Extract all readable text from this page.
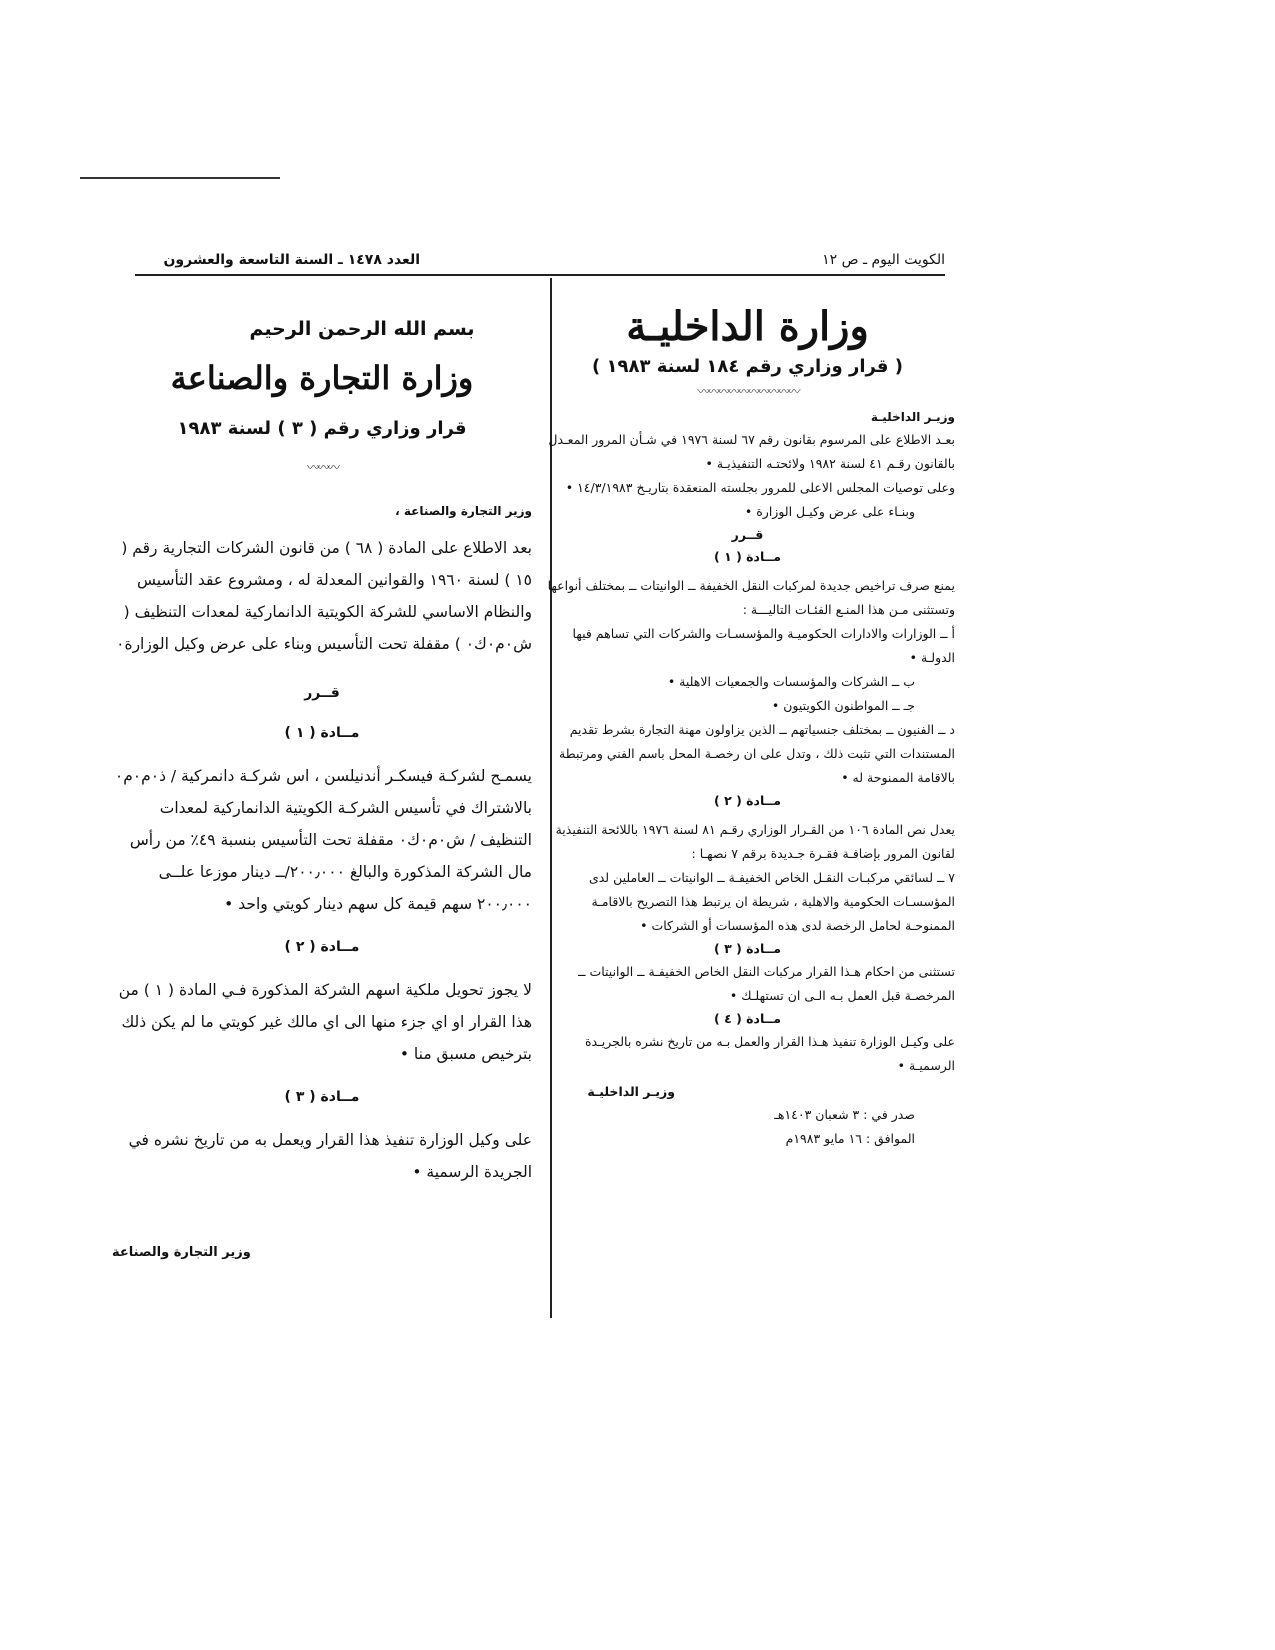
العدد ١٤٧٨ ـ السنة التاسعة والعشرون	الكويت اليوم ـ ص ١٢
وزارة الداخليـة
( قرار وزاري رقم ١٨٤ لسنة ١٩٨٣ )
〰〰〰〰〰〰〰〰〰〰
وزيـر الداخليـة
بعـد الاطلاع على المرسوم بقانون رقم ٦٧ لسنة ١٩٧٦ في شـأن المرور المعـدل بالقانون رقـم ٤١ لسنة ١٩٨٢ ولائحتـه التنفيذيـة •
وعلى توصيات المجلس الاعلى للمرور بجلسته المنعقدة بتاريـخ ١٤/٣/١٩٨٣ •
وبنـاء على عرض وكيـل الوزارة •
قــرر
مــادة ( ١ )
يمنع صرف تراخيص جديدة لمركبات النقل الخفيفة ــ الوانيتات ــ بمختلف أنواعها وتستثنى مـن هذا المنـع الفئـات التاليـــة :
أ ــ الوزارات والادارات الحكوميـة والمؤسسـات والشركات التي تساهم فيها الدولـة •
ب ــ الشركات والمؤسسات والجمعيات الاهلية •
جـ ــ المواطنون الكويتيون •
د ــ الفنيون ــ بمختلف جنسياتهم ــ الذين يزاولون مهنة التجارة بشرط تقديم المستندات التي تثبت ذلك ، وتدل على ان رخصـة المحل باسم الفني ومرتبطة بالاقامة الممنوحة له •
مــادة ( ٢ )
يعدل نص المادة ١٠٦ من القـرار الوزاري رقـم ٨١ لسنة ١٩٧٦ باللائحة التنفيذية لقانون المرور بإضافـة فقـرة جـديدة برقم ٧ نصهـا :
٧ ــ لسائقي مركبـات النقـل الخاص الخفيفـة ــ الوانيتات ــ العاملين لدى المؤسسـات الحكومية والاهلية ، شريطة ان يرتبط هذا التصريح بالاقامـة الممنوحـة لحامل الرخصة لدى هذه المؤسسات أو الشركات •
مــادة ( ٣ )
تستثنى من احكام هـذا القرار مركبات النقل الخاص الخفيفـة ــ الوانيتات ــ المرخصـة قبل العمل بـه الـى ان تستهلـك •
مــادة ( ٤ )
على وكيـل الوزارة تنفيذ هـذا القرار والعمل بـه من تاريخ نشره بالجريـدة الرسميـة •
وزيـر الداخليـة
صدر في : ٣ شعبان ١٤٠٣هـ
الموافق : ١٦ مايو ١٩٨٣م
بسم الله الرحمن الرحيم
وزارة التجارة والصناعة
قرار وزاري رقم ( ٣ ) لسنة ١٩٨٣
〰〰〰
وزير التجارة والصناعة ،
بعد الاطلاع على المادة ( ٦٨ ) من قانون الشركات التجارية رقم ( ١٥ ) لسنة ١٩٦٠ والقوانين المعدلة له ، ومشروع عقد التأسيس والنظام الاساسي للشركة الكويتية الدانماركية لمعدات التنظيف ( ش٠م٠ك٠ ) مقفلة تحت التأسيس وبناء على عرض وكيل الوزارة٠
قــرر
مــادة ( ١ )
يسمـح لشركـة فيسكـر أندنيلسن ، اس شركـة دانمركية / ذ٠م٠م٠ بالاشتراك في تأسيس الشركـة الكويتية الدانماركية لمعدات التنظيف / ش٠م٠ك٠ مقفلة تحت التأسيس بنسبة ٤٩٪ من رأس مال الشركة المذكورة والبالغ ٢٠٠٫٠٠٠/ــ دينار موزعا علــى ٢٠٠٫٠٠٠ سهم قيمة كل سهم دينار كويتي واحد •
مــادة ( ٢ )
لا يجوز تحويل ملكية اسهم الشركة المذكورة فـي المادة ( ١ ) من هذا القرار او اي جزء منها الى اي مالك غير كويتي ما لم يكن ذلك بترخيص مسبق منا •
مــادة ( ٣ )
على وكيل الوزارة تنفيذ هذا القرار ويعمل به من تاريخ نشره في الجريدة الرسمية •
وزير التجارة والصناعة
